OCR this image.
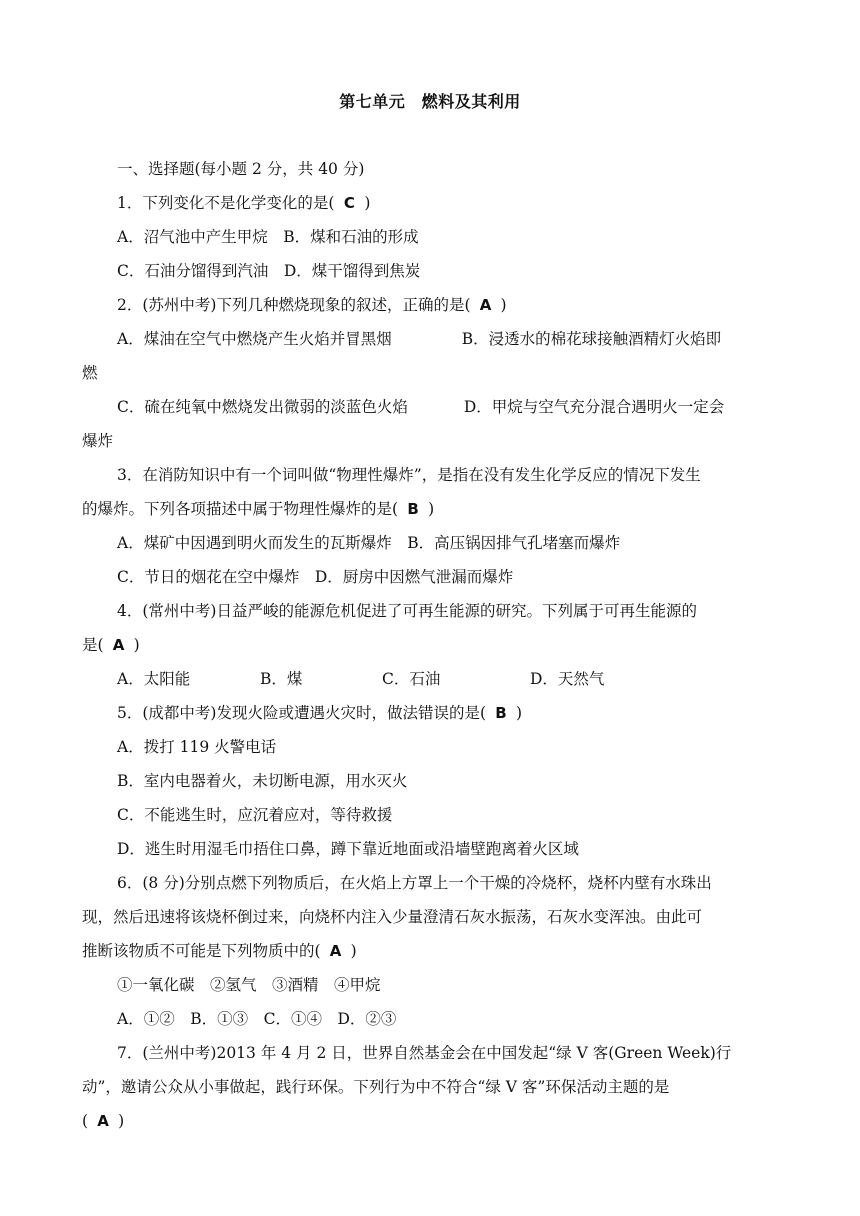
第七单元　燃料及其利用
一、选择题(每小题 2 分，共 40 分)
1．下列变化不是化学变化的是( C )
A．沼气池中产生甲烷　B．煤和石油的形成
C．石油分馏得到汽油　D．煤干馏得到焦炭
2．(苏州中考)下列几种燃烧现象的叙述，正确的是( A )
A．煤油在空气中燃烧产生火焰并冒黑烟	B．浸透水的棉花球接触酒精灯火焰即
燃
C．硫在纯氧中燃烧发出微弱的淡蓝色火焰	D．甲烷与空气充分混合遇明火一定会
爆炸
3．在消防知识中有一个词叫做“物理性爆炸”，是指在没有发生化学反应的情况下发生
的爆炸。下列各项描述中属于物理性爆炸的是( B )
A．煤矿中因遇到明火而发生的瓦斯爆炸　B．高压锅因排气孔堵塞而爆炸
C．节日的烟花在空中爆炸　D．厨房中因燃气泄漏而爆炸
4．(常州中考)日益严峻的能源危机促进了可再生能源的研究。下列属于可再生能源的
是( A )
A．太阳能	B．煤	C．石油	D．天然气
5．(成都中考)发现火险或遭遇火灾时，做法错误的是( B )
A．拨打 119 火警电话
B．室内电器着火，未切断电源，用水灭火
C．不能逃生时，应沉着应对，等待救援
D．逃生时用湿毛巾捂住口鼻，蹲下靠近地面或沿墙壁跑离着火区域
6．(8 分)分别点燃下列物质后，在火焰上方罩上一个干燥的冷烧杯，烧杯内壁有水珠出
现，然后迅速将该烧杯倒过来，向烧杯内注入少量澄清石灰水振荡，石灰水变浑浊。由此可
推断该物质不可能是下列物质中的( A )
①一氧化碳　②氢气　③酒精　④甲烷
A．①②　B．①③　C．①④　D．②③
7．(兰州中考)2013 年 4 月 2 日，世界自然基金会在中国发起“绿 V 客(Green Week)行
动”，邀请公众从小事做起，践行环保。下列行为中不符合“绿 V 客”环保活动主题的是
( A )
